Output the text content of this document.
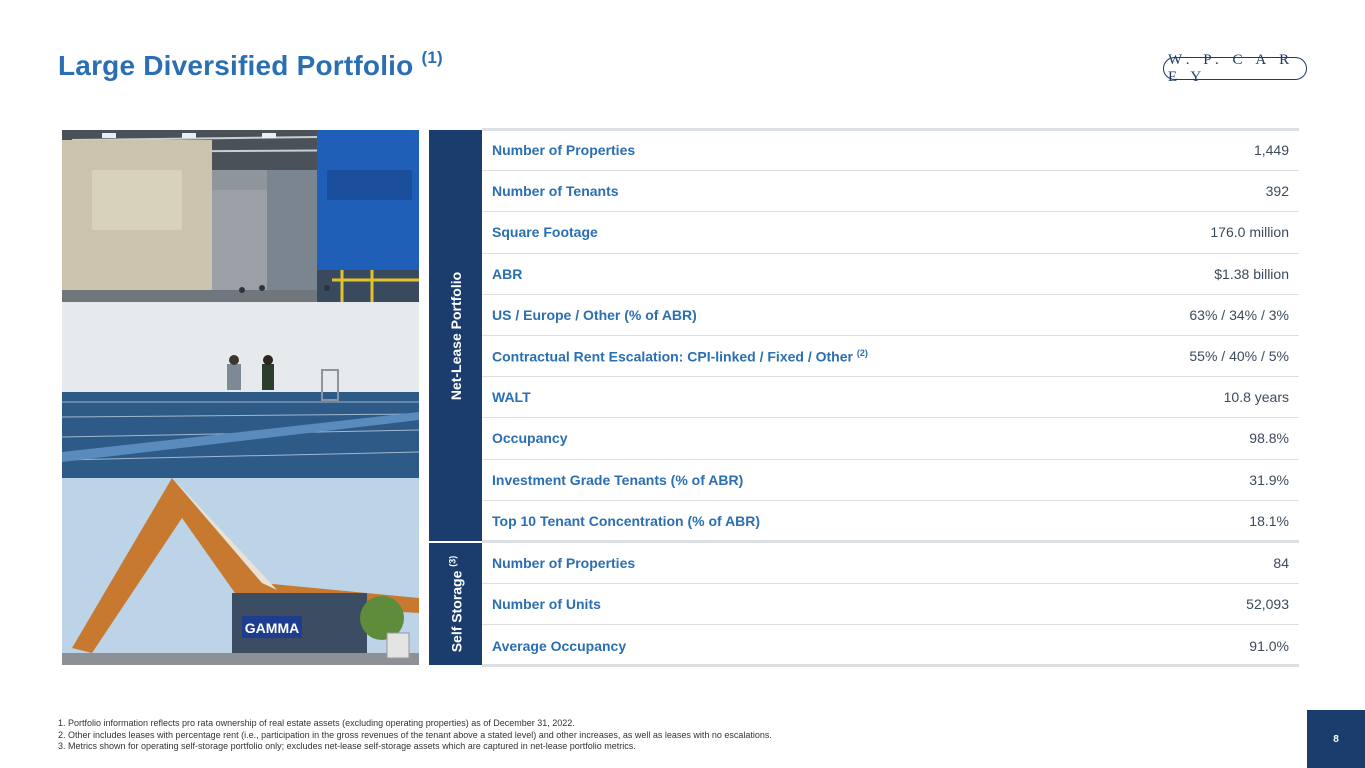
Large Diversified Portfolio $^{(1)}$	W. P. C A R E Y
GAMMA
Net-Lease Portfolio
Self Storage $^{(3)}$
Number of Properties	1,449
Number of Tenants	392
Square Footage	176.0 million
ABR	$1.38 billion
US / Europe / Other (% of ABR)	63% / 34% / 3%
Contractual Rent Escalation: CPI-linked / Fixed / Other $^{(2)}$	55% / 40% / 5%
WALT	10.8 years
Occupancy	98.8%
Investment Grade Tenants (% of ABR)	31.9%
Top 10 Tenant Concentration (% of ABR)	18.1%
Number of Properties	84
Number of Units	52,093
Average Occupancy	91.0%
1. Portfolio information reflects pro rata ownership of real estate assets (excluding operating properties) as of December 31, 2022.
2. Other includes leases with percentage rent (i.e., participation in the gross revenues of the tenant above a stated level) and other increases, as well as leases with no escalations.
3. Metrics shown for operating self-storage portfolio only; excludes net-lease self-storage assets which are captured in net-lease portfolio metrics.
8
